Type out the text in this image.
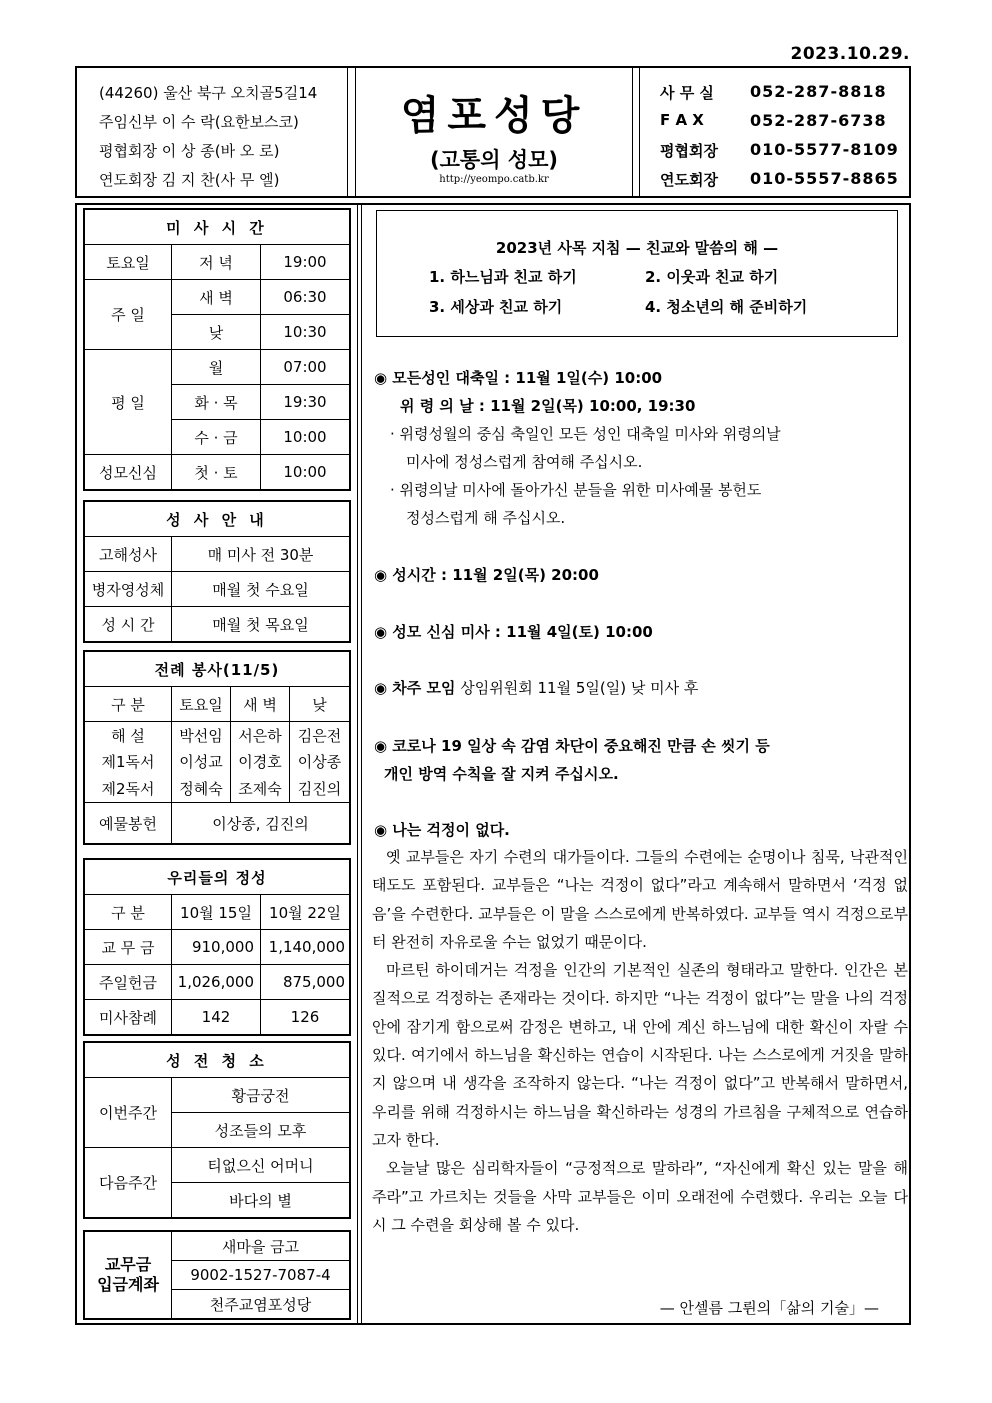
2023.10.29.
(44260) 울산 북구 오치골5길14
주임신부 이 수 락(요한보스코)
평협회장 이 상 종(바 오 로)
연도회장 김 지 찬(사 무 엘)
염포성당
(고통의 성모)
http://yeompo.catb.kr
사 무 실 052-287-8818
F A X	052-287-6738
평협회장 010-5577-8109
연도회장 010-5557-8865
미 사 시 간		
토요일	저 녁	19:00
주 일	새 벽	06:30
	낮	10:30
평 일	월	07:00
	화 · 목	19:30
	수 · 금	10:00
성모신심	첫 · 토	10:00
성 사 안 내	
고해성사	매 미사 전 30분
병자영성체	매월 첫 수요일
성 시 간	매월 첫 목요일
전례 봉사(11/5)			
구 분	토요일	새 벽	낮
해 설	박선임	서은하	김은전
제1독서	이성교	이경호	이상종
제2독서	정혜숙	조제숙	김진의
예물봉헌	이상종, 김진의		
우리들의 정성		
구 분	10월 15일	10월 22일
교 무 금	910,000	1,140,000
주일헌금	1,026,000	875,000
미사참례	142	126
성 전 청 소	
이번주간	황금궁전
	성조들의 모후
다음주간	티없으신 어머니
	바다의 별
교무금
입금계좌	새마을 금고
9002-1527-7087-4
천주교염포성당
2023년 사목 지침 — 친교와 말씀의 해 —
1. 하느님과 친교 하기	2. 이웃과 친교 하기
3. 세상과 친교 하기	4. 청소년의 해 준비하기
◉ 모든성인 대축일 : 11월 1일(수) 10:00
위 령 의 날 : 11월 2일(목) 10:00, 19:30
· 위령성월의 중심 축일인 모든 성인 대축일 미사와 위령의날
미사에 정성스럽게 참여해 주십시오.
· 위령의날 미사에 돌아가신 분들을 위한 미사예물 봉헌도
정성스럽게 해 주십시오.
◉ 성시간 : 11월 2일(목) 20:00
◉ 성모 신심 미사 : 11월 4일(토) 10:00
◉ 차주 모임 상임위원회 11월 5일(일) 낮 미사 후
◉ 코로나 19 일상 속 감염 차단이 중요해진 만큼 손 씻기 등
개인 방역 수칙을 잘 지켜 주십시오.
◉ 나는 걱정이 없다.

옛 교부들은 자기 수련의 대가들이다. 그들의 수련에는 순명이나 침묵, 낙관적인 태도도 포함된다. 교부들은 “나는 걱정이 없다”라고 계속해서 말하면서 ‘걱정 없음’을 수련한다. 교부들은 이 말을 스스로에게 반복하였다. 교부들 역시 걱정으로부터 완전히 자유로울 수는 없었기 때문이다.

마르틴 하이데거는 걱정을 인간의 기본적인 실존의 형태라고 말한다. 인간은 본질적으로 걱정하는 존재라는 것이다. 하지만 “나는 걱정이 없다”는 말을 나의 걱정 안에 잠기게 함으로써 감정은 변하고, 내 안에 계신 하느님에 대한 확신이 자랄 수 있다. 여기에서 하느님을 확신하는 연습이 시작된다. 나는 스스로에게 거짓을 말하지 않으며 내 생각을 조작하지 않는다. “나는 걱정이 없다”고 반복해서 말하면서, 우리를 위해 걱정하시는 하느님을 확신하라는 성경의 가르침을 구체적으로 연습하고자 한다.

오늘날 많은 심리학자들이 “긍정적으로 말하라”, “자신에게 확신 있는 말을 해 주라”고 가르치는 것들을 사막 교부들은 이미 오래전에 수련했다. 우리는 오늘 다시 그 수련을 회상해 볼 수 있다.

— 안셀름 그륀의「삶의 기술」—
